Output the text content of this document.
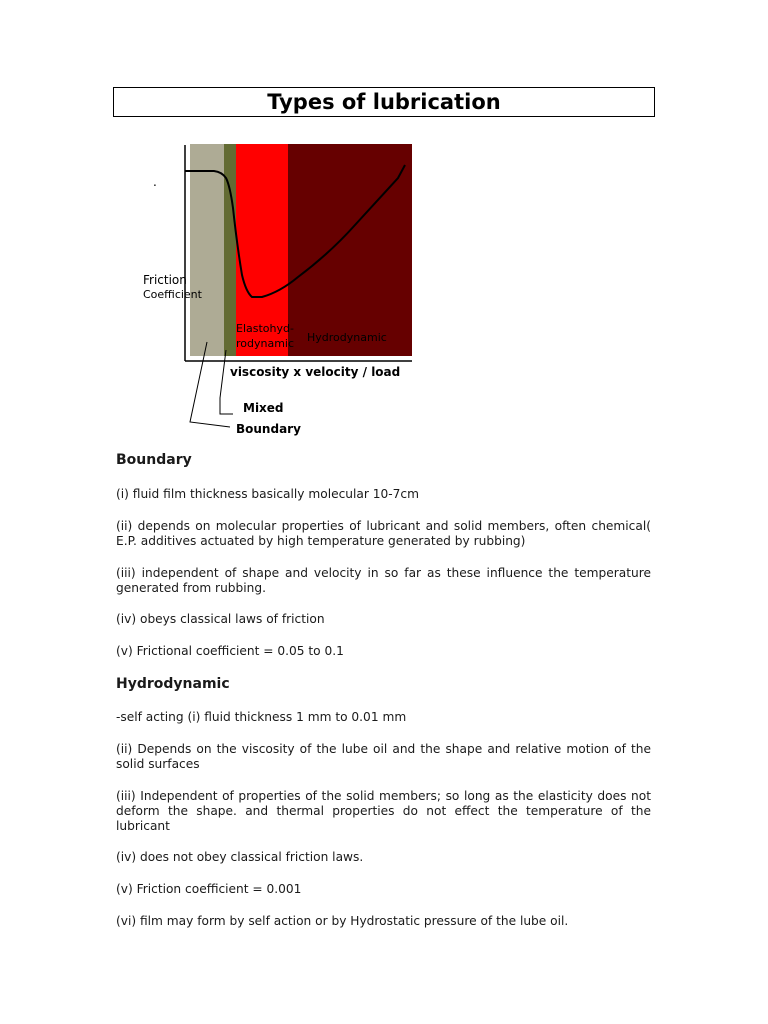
Types of lubrication
.
Friction
Coefficient
Elastohyd-
rodynamic Hydrodynamic
viscosity x velocity / load
Mixed
Boundary
Boundary
(i) fluid film thickness basically molecular 10-7cm
(ii) depends on molecular properties of lubricant and solid members, often chemical( E.P. additives actuated by high temperature generated by rubbing)
(iii) independent of shape and velocity in so far as these influence the temperature generated from rubbing.
(iv) obeys classical laws of friction
(v) Frictional coefficient = 0.05 to 0.1
Hydrodynamic
-self acting (i) fluid thickness 1 mm to 0.01 mm
(ii) Depends on the viscosity of the lube oil and the shape and relative motion of the solid surfaces
(iii) Independent of properties of the solid members; so long as the elasticity does not deform the shape. and thermal properties do not effect the temperature of the lubricant
(iv) does not obey classical friction laws.
(v) Friction coefficient = 0.001
(vi) film may form by self action or by Hydrostatic pressure of the lube oil.
